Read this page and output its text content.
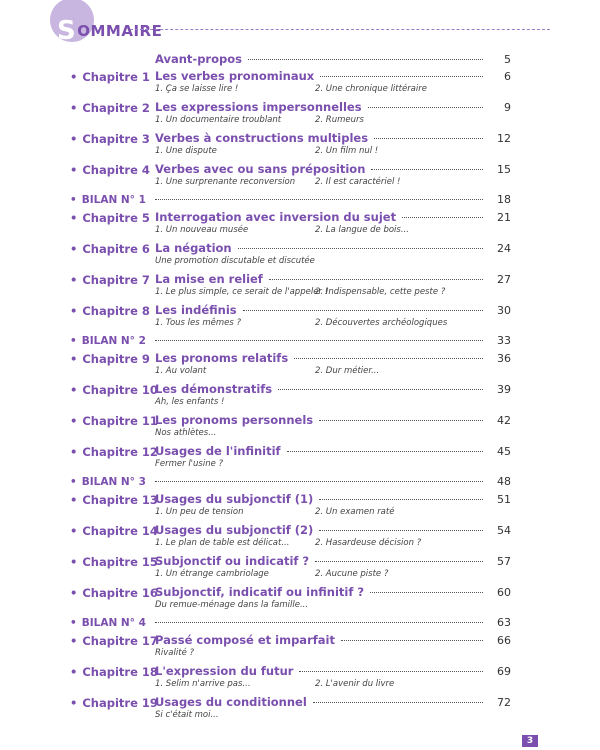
SOMMAIRE
Avant-propos	5
• Chapitre 1 Les verbes pronominaux	6
1. Ça se laisse lire !	2. Une chronique littéraire
• Chapitre 2 Les expressions impersonnelles	9
1. Un documentaire troublant	2. Rumeurs
• Chapitre 3 Verbes à constructions multiples	12
1. Une dispute	2. Un film nul !
• Chapitre 4 Verbes avec ou sans préposition	15
1. Une surprenante reconversion 2. Il est caractériel !
• BILAN N° 1	18
• Chapitre 5 Interrogation avec inversion du sujet	21
1. Un nouveau musée	2. La langue de bois...
• Chapitre 6 La négation	24
Une promotion discutable et discutée
• Chapitre 7 La mise en relief	27
1. Le plus simple, ce serait de l'appeler !
2. Indispensable, cette peste ?
• Chapitre 8 Les indéfinis	30
1. Tous les mêmes ?	2. Découvertes archéologiques
• BILAN N° 2	33
• Chapitre 9 Les pronoms relatifs	36
1. Au volant	2. Dur métier...
• Chapitre 10
Les démonstratifs	39
Ah, les enfants !
• Chapitre 11
Les pronoms personnels	42
Nos athlètes...
• Chapitre 12
Usages de l'infinitif	45
Fermer l'usine ?
• BILAN N° 3	48
• Chapitre 13
Usages du subjonctif (1)	51
1. Un peu de tension	2. Un examen raté
• Chapitre 14
Usages du subjonctif (2)	54
1. Le plan de table est délicat...	2. Hasardeuse décision ?
• Chapitre 15
Subjonctif ou indicatif ?	57
1. Un étrange cambriolage	2. Aucune piste ?
• Chapitre 16
Subjonctif, indicatif ou infinitif ?	60
Du remue-ménage dans la famille...
• BILAN N° 4	63
• Chapitre 17
Passé composé et imparfait	66
Rivalité ?
• Chapitre 18
L'expression du futur	69
1. Selim n'arrive pas...	2. L'avenir du livre
• Chapitre 19
Usages du conditionnel	72
Si c'était moi...
3
